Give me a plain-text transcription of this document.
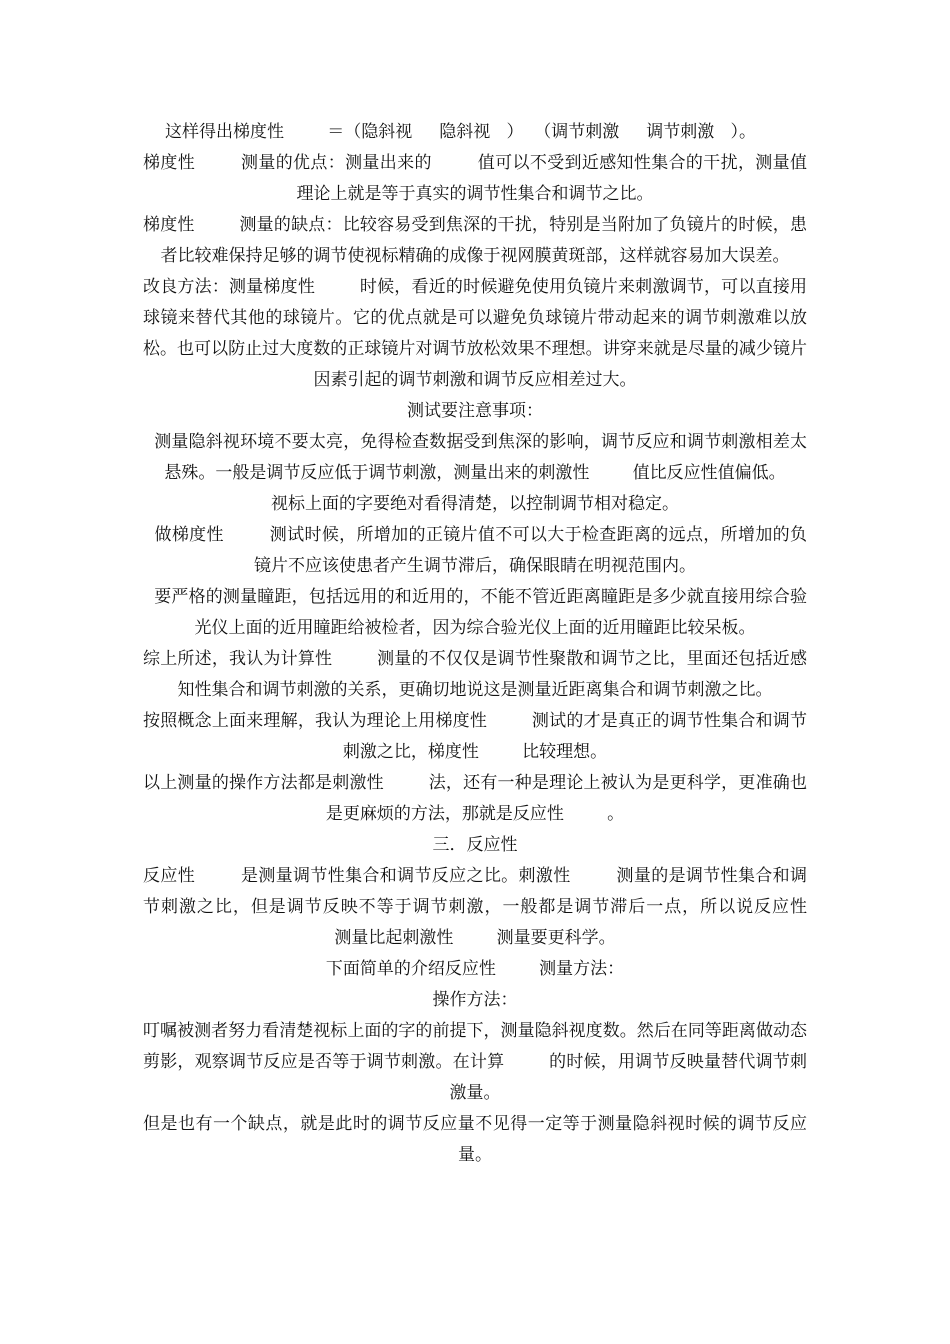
这样得出梯度性        ＝（隐斜视     隐斜视   ）  （调节刺激     调节刺激   ）。

梯度性        测量的优点：测量出来的        值可以不受到近感知性集合的干扰，测量值理论上就是等于真实的调节性集合和调节之比。

梯度性        测量的缺点：比较容易受到焦深的干扰，特别是当附加了负镜片的时候，患者比较难保持足够的调节使视标精确的成像于视网膜黄斑部，这样就容易加大误差。

改良方法：测量梯度性        时候，看近的时候避免使用负镜片来刺激调节，可以直接用              球镜来替代其他的球镜片。它的优点就是可以避免负球镜片带动起来的调节刺激难以放松。也可以防止过大度数的正球镜片对调节放松效果不理想。讲穿来就是尽量的减少镜片因素引起的调节刺激和调节反应相差过大。

测试要注意事项：

测量隐斜视环境不要太亮，免得检查数据受到焦深的影响，调节反应和调节刺激相差太悬殊。一般是调节反应低于调节刺激，测量出来的刺激性        值比反应性值偏低。

视标上面的字要绝对看得清楚，以控制调节相对稳定。

做梯度性        测试时候，所增加的正镜片值不可以大于检查距离的远点，所增加的负镜片不应该使患者产生调节滞后，确保眼睛在明视范围内。

要严格的测量瞳距，包括远用的和近用的，不能不管近距离瞳距是多少就直接用综合验光仪上面的近用瞳距给被检者，因为综合验光仪上面的近用瞳距比较呆板。

综上所述，我认为计算性        测量的不仅仅是调节性聚散和调节之比，里面还包括近感知性集合和调节刺激的关系，更确切地说这是测量近距离集合和调节刺激之比。

按照概念上面来理解，我认为理论上用梯度性        测试的才是真正的调节性集合和调节刺激之比，梯度性        比较理想。

以上测量的操作方法都是刺激性        法，还有一种是理论上被认为是更科学，更准确也是更麻烦的方法，那就是反应性        。

三．反应性

反应性        是测量调节性集合和调节反应之比。刺激性        测量的是调节性集合和调节刺激之比，但是调节反映不等于调节刺激，一般都是调节滞后一点，所以说反应性        测量比起刺激性        测量要更科学。

下面简单的介绍反应性        测量方法：

操作方法：

叮嘱被测者努力看清楚视标上面的字的前提下，测量隐斜视度数。然后在同等距离做动态剪影，观察调节反应是否等于调节刺激。在计算        的时候，用调节反映量替代调节刺激量。

但是也有一个缺点，就是此时的调节反应量不见得一定等于测量隐斜视时候的调节反应量。
